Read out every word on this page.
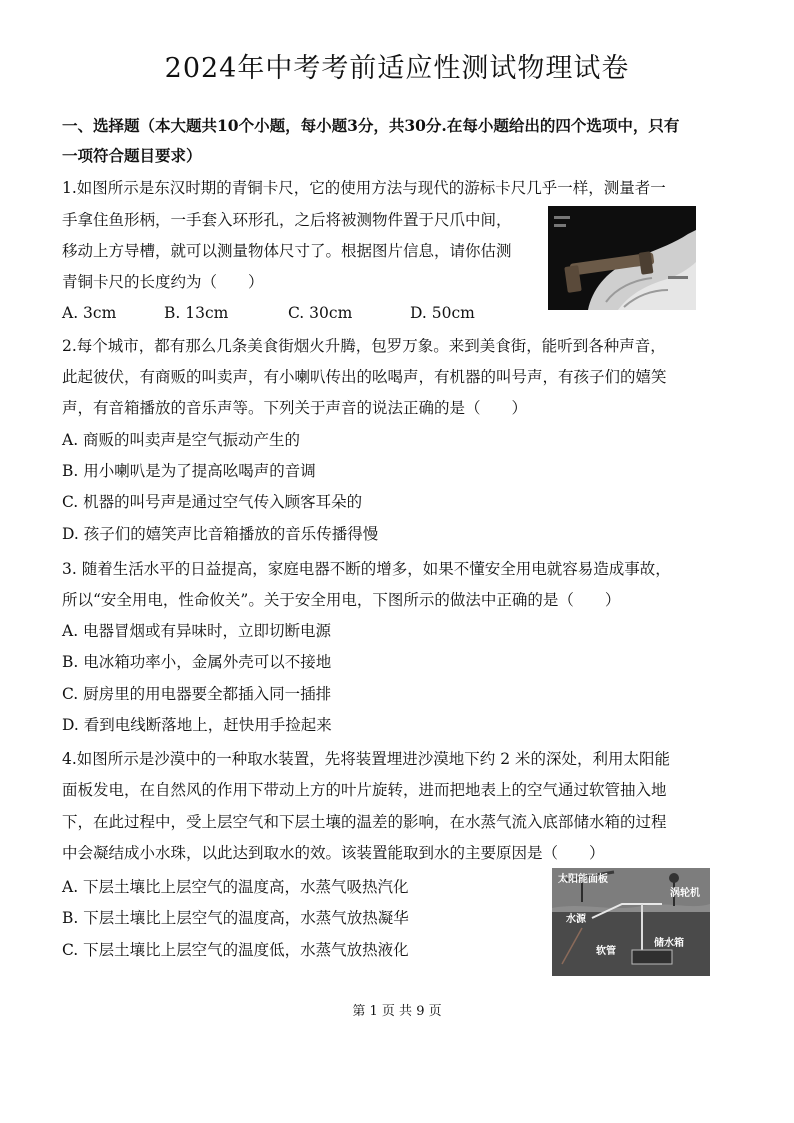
2024年中考考前适应性测试物理试卷
一、选择题（本大题共10个小题，每小题3分，共30分.在每小题给出的四个选项中，只有
一项符合题目要求）
1.如图所示是东汉时期的青铜卡尺，它的使用方法与现代的游标卡尺几乎一样，测量者一
手拿住鱼形柄，一手套入环形孔，之后将被测物件置于尺爪中间，
移动上方导槽，就可以测量物体尺寸了。根据图片信息，请你估测
青铜卡尺的长度约为（　　）
A. 3cm	B. 13cm	C. 30cm	D. 50cm
2.每个城市，都有那么几条美食街烟火升腾，包罗万象。来到美食街，能听到各种声音，
此起彼伏，有商贩的叫卖声，有小喇叭传出的吆喝声，有机器的叫号声，有孩子们的嬉笑
声，有音箱播放的音乐声等。下列关于声音的说法正确的是（　　）
A. 商贩的叫卖声是空气振动产生的
B. 用小喇叭是为了提高吆喝声的音调
C. 机器的叫号声是通过空气传入顾客耳朵的
D. 孩子们的嬉笑声比音箱播放的音乐传播得慢
3. 随着生活水平的日益提高，家庭电器不断的增多，如果不懂安全用电就容易造成事故，
所以“安全用电，性命攸关”。关于安全用电，下图所示的做法中正确的是（　　）
A. 电器冒烟或有异味时，立即切断电源
B. 电冰箱功率小，金属外壳可以不接地
C. 厨房里的用电器要全都插入同一插排
D. 看到电线断落地上，赶快用手捡起来
4.如图所示是沙漠中的一种取水装置，先将装置埋进沙漠地下约 2 米的深处，利用太阳能
面板发电，在自然风的作用下带动上方的叶片旋转，进而把地表上的空气通过软管抽入地
下，在此过程中，受上层空气和下层土壤的温差的影响，在水蒸气流入底部储水箱的过程
中会凝结成小水珠，以此达到取水的效。该装置能取到水的主要原因是（　　）
A. 下层土壤比上层空气的温度高，水蒸气吸热汽化
B. 下层土壤比上层空气的温度高，水蒸气放热凝华
C. 下层土壤比上层空气的温度低，水蒸气放热液化
太阳能面板
涡轮机
水源
软管
储水箱
第 1 页 共 9 页
